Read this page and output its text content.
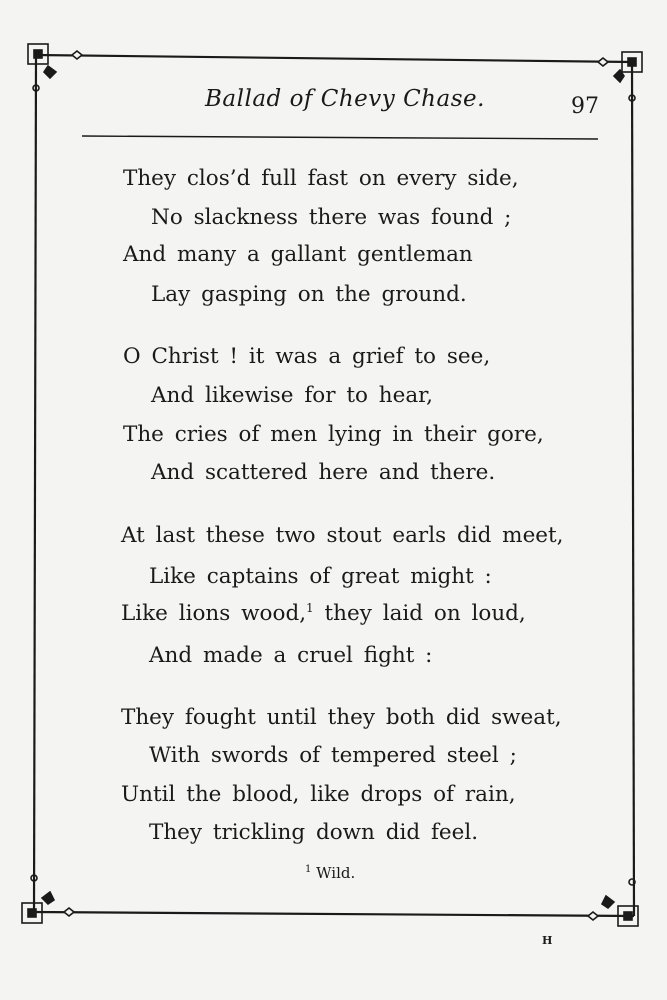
Ballad of Chevy Chase.	97
They clos’d full fast on every side,
No slackness there was found ;
And many a gallant gentleman
Lay gasping on the ground.
O Christ ! it was a grief to see,
And likewise for to hear,
The cries of men lying in their gore,
And scattered here and there.
At last these two stout earls did meet,
Like captains of great might :
Like lions wood,$^1$ they laid on loud,
And made a cruel fight :
They fought until they both did sweat,
With swords of tempered steel ;
Until the blood, like drops of rain,
They trickling down did feel.
$^1$ Wild.
H
